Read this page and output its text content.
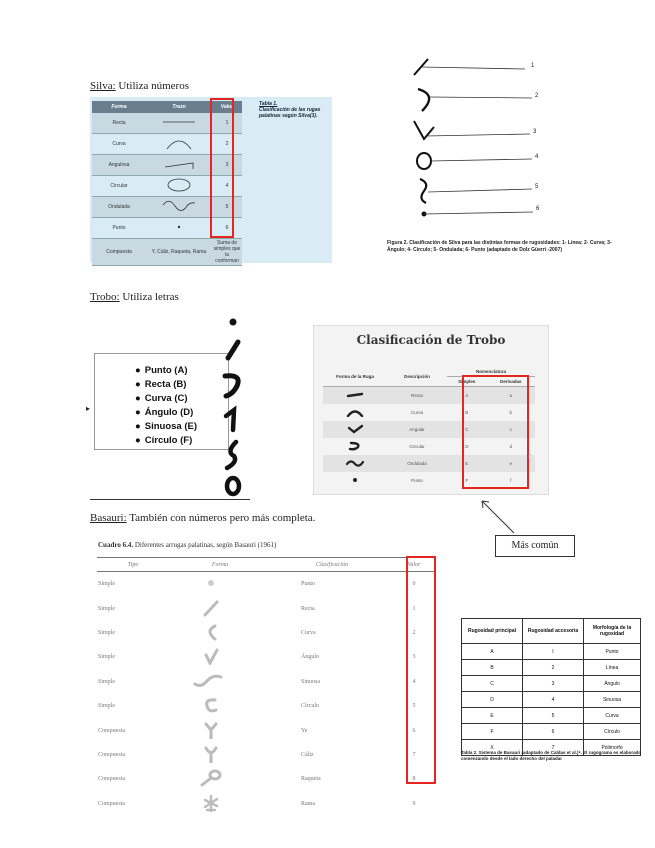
Silva: Utiliza números
Forma	Trazo	Valor
Recta		1
Curva		2
Angulosa		3
Circular		4
Ondulada		5
Punto		6
Compuesta	Y, Cáliz, Raqueta, Rama	Suma de simples que la conforman
Tabla 1.
Clasificación de las rugas palatinas según Silva(3).
1
2
3
4
5
6
Figura 2. Clasificación de Silva para las distintas formas de rugosidades: 1- Línea; 2- Curva; 3- Ángulo; 4- Círculo; 5- Ondulada; 6- Punto (adaptado de Dolz Güerri -2007)
Trobo: Utiliza letras
▸
● Punto (A)
● Recta (B)
● Curva (C)
● Ángulo (D)
● Sinuosa (E)
● Círculo (F)
Clasificación de Trobo
Forma de la Ruga	Descripción	Nomenclatura	
		Simples	Derivadas
	Recta	A	a
	Curva	B	b
	Angular	C	c
	Circular	D	d
	Ondulada	E	e
	Punto	F	f
◜
Basauri: También con números pero más completa.
Más común
Cuadro 6.4. Diferentes arrugas palatinas, según Basauri (1961)
Tipo	Forma	Clasificación	Valor
Simple		Punto	0
Simple		Recta	1
Simple		Curva	2
Simple		Ángulo	3
Simple		Sinuosa	4
Simple		Círculo	5
Compuesta		Ye	6
Compuesta		Cáliz	7
Compuesta		Raqueta	8
Compuesta		Rama	9
Rugosidad principal	Rugosidad accesoria	Morfología de la rugosidad
A	I	Punto
B	2	Línea
C	3	Ángulo
D	4	Sinuosa
E	5	Curva
F	6	Círculo
X	7	Polimorfo
Tabla 2. Sistema de Basauri (adaptado de Caldas et al.)⁹. El rugograma es elaborado comenzando desde el lado derecho del paladar
